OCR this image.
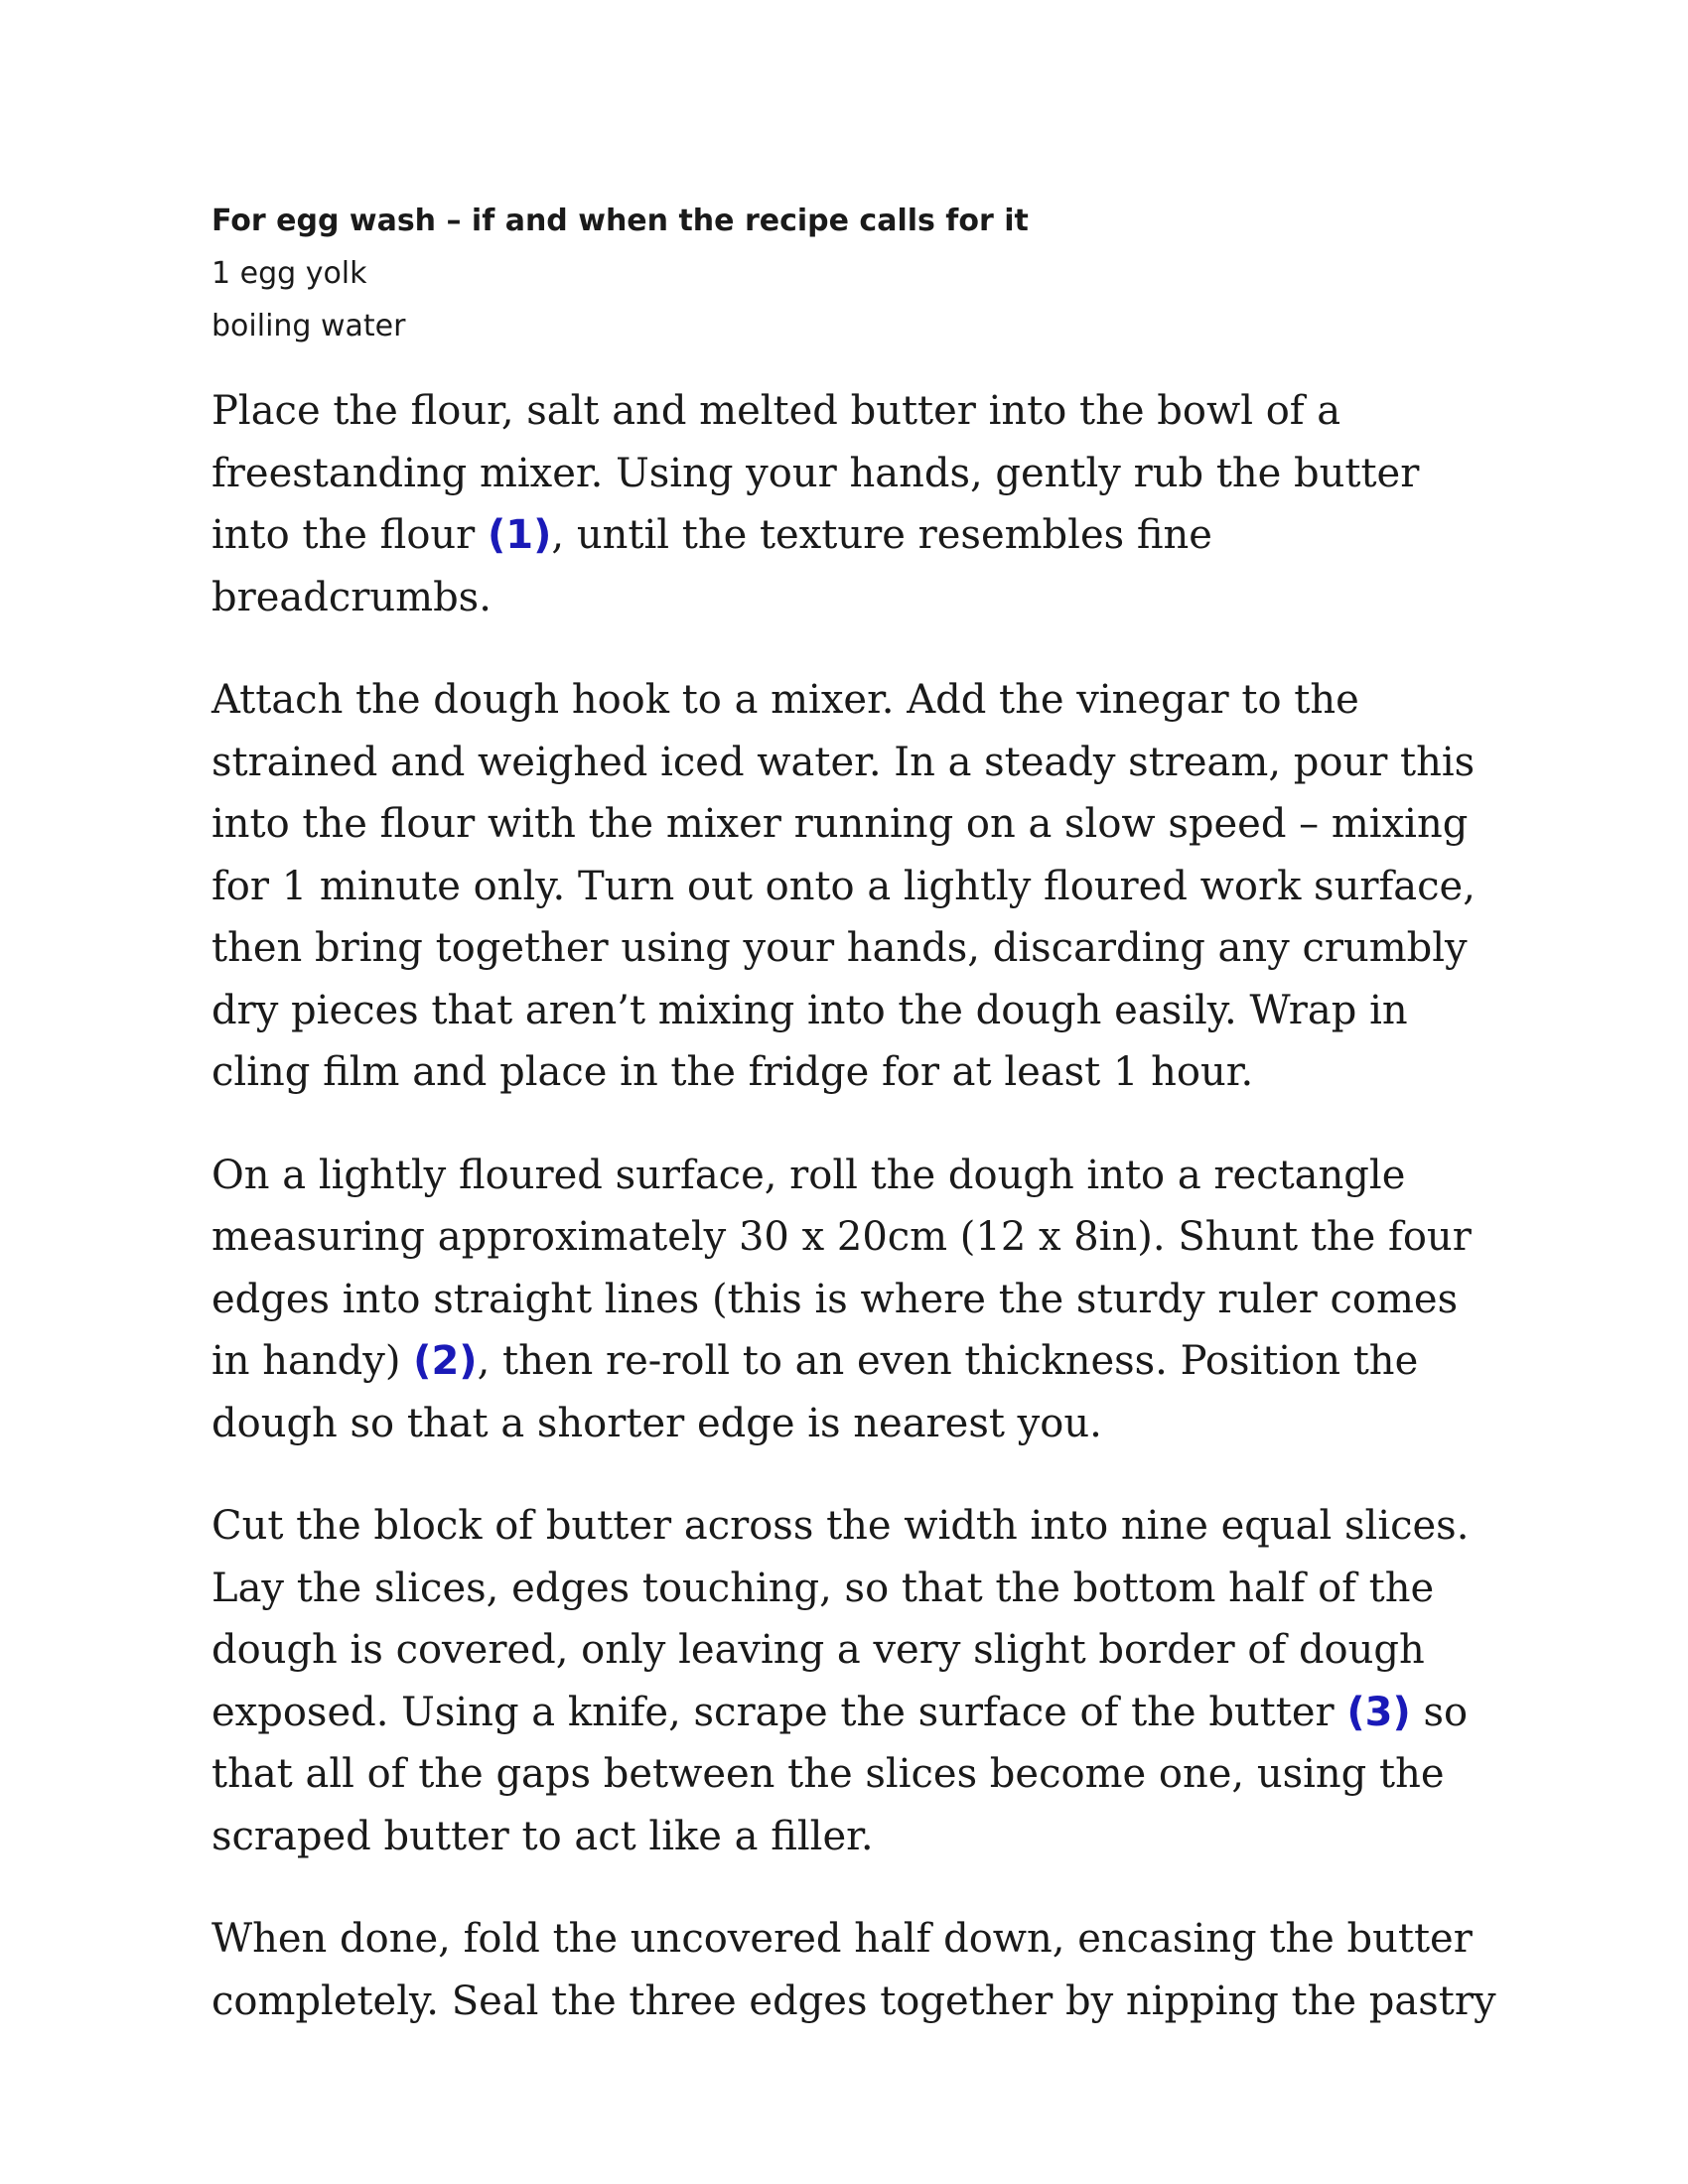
For egg wash – if and when the recipe calls for it
1 egg yolk
boiling water

Place the flour, salt and melted butter into the bowl of a freestanding mixer. Using your hands, gently rub the butter into the flour (1), until the texture resembles fine breadcrumbs.

Attach the dough hook to a mixer. Add the vinegar to the strained and weighed iced water. In a steady stream, pour this into the flour with the mixer running on a slow speed – mixing for 1 minute only. Turn out onto a lightly floured work surface, then bring together using your hands, discarding any crumbly dry pieces that aren’t mixing into the dough easily. Wrap in cling film and place in the fridge for at least 1 hour.

On a lightly floured surface, roll the dough into a rectangle measuring approximately 30 x 20cm (12 x 8in). Shunt the four edges into straight lines (this is where the sturdy ruler comes in handy) (2), then re-roll to an even thickness. Position the dough so that a shorter edge is nearest you.

Cut the block of butter across the width into nine equal slices. Lay the slices, edges touching, so that the bottom half of the dough is covered, only leaving a very slight border of dough exposed. Using a knife, scrape the surface of the butter (3) so that all of the gaps between the slices become one, using the scraped butter to act like a filler.

When done, fold the uncovered half down, encasing the butter completely. Seal the three edges together by nipping the pastry
